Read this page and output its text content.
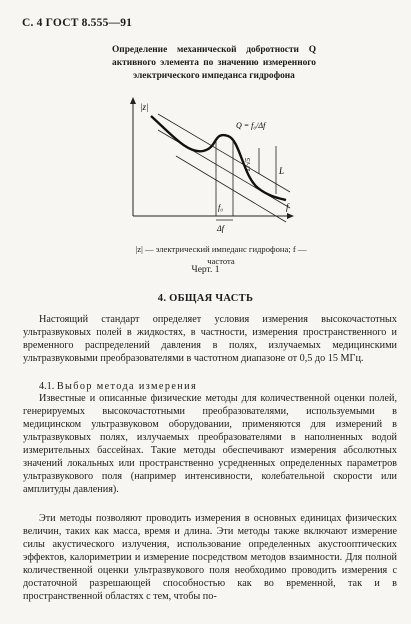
С. 4 ГОСТ 8.555—91
Определение механической добротности Q активного элемента по значению измеренного электрического импеданса гидрофона
|z|
f
Q = f₀/Δf
L
L/√5
f₀
Δf
|z| — электрический импеданс гидрофона; f — частота
Черт. 1
4. ОБЩАЯ ЧАСТЬ

Настоящий стандарт определяет условия измерения высокочастотных ультразвуковых полей в жидкостях, в частности, измерения пространственного и временного распределений давления в полях, излучаемых медицинскими ультразвуковыми преобразователями в частотном диапазоне от 0,5 до 15 МГц.

4.1. Выбор метода измерения

Известные и описанные физические методы для количественной оценки полей, генерируемых высокочастотными преобразователями, используемыми в медицинском ультразвуковом оборудовании, применяются для измерений в ультразвуковых полях, излучаемых преобразователями в наполненных водой измерительных бассейнах. Такие методы обеспечивают измерения абсолютных значений локальных или пространственно усредненных определенных параметров ультразвукового поля (например интенсивности, колебательной скорости или амплитуды давления).

Эти методы позволяют проводить измерения в основных единицах физических величин, таких как масса, время и длина. Эти методы также включают измерение силы акустического излучения, использование определенных акустооптических эффектов, калориметрии и измерение посредством методов взаимности. Для полной количественной оценки ультразвукового поля необходимо проводить измерения с достаточной разрешающей способностью как во временной, так и в пространственной областях с тем, чтобы по-
